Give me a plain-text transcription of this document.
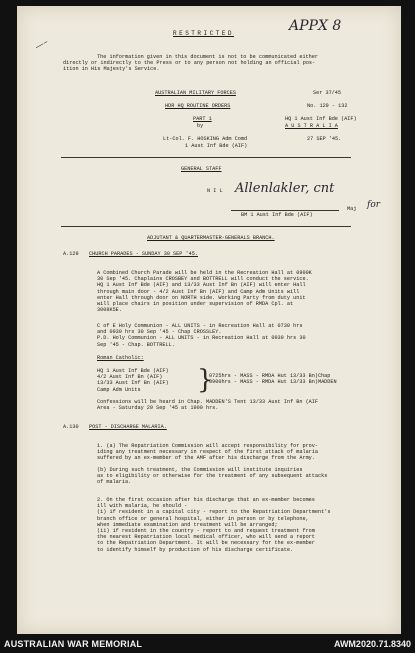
APPX 8
—–
RESTRICTED
The information given in this document is not to be communicated either
directly or indirectly to the Press or to any person not holding an official pos-
ition in His Majesty's Service.
AUSTRALIAN MILITARY FORCES	Ser 37/45
HDR HQ ROUTINE ORDERS	No. 129 - 132
PART 1	HQ 1 Aust Inf Bde (AIF)
by	A U S T R A L I A
Lt-Col. F. HOSKING Adm Comd	27 SEP '45.
1 Aust Inf Bde (AIF)
GENERAL STAFF
N I L Allenlakler, cnt
Maj for
BM 1 Aust Inf Bde (AIF)
ADJUTANT & QUARTERMASTER-GENERALS BRANCH.
A.129 CHURCH PARADES - SUNDAY 30 SEP '45.
A Combined Church Parade will be held in the Recreation Hall at 0900K
30 Sep '45. Chaplains CROSBEY and BOTTRELL will conduct the service.
HQ 1 Aust Inf Bde (AIF) and 13/33 Aust Inf Bn (AIF) will enter Hall
through main door - 4/2 Aust Inf Bn (AIF) and Camp Adm Units will
enter Hall through door on NORTH side. Working Party from duty unit
will place chairs in position under supervision of RMDA Cpl. at
3008K5E.
C of E Holy Communion - ALL UNITS - in Recreation Hall at 0730 hrs
and 0930 hrs 30 Sep '45 - Chap CROSSLEY.
P.D. Holy Communion - ALL UNITS - in Recreation Hall at 0930 hrs 30
Sep '45 - Chap. BOTTRELL.
Roman Catholic:
HQ 1 Aust Inf Bde (AIF)
4/2 Aust Inf Bn (AIF)
13/33 Aust Inf Bn (AIF)
Camp Adm Units	}
0725hrs - MASS - RMDA Hut 13/33 Bn)Chap
0900hrs - MASS - RMDA Hut 13/33 Bn)MADDEN
Confessions will be heard in Chap. MADDEN'S Tent 13/33 Aust Inf Bn (AIF
Area - Saturday 29 Sep '45 at 1900 hrs.
A.130 POST - DISCHARGE MALARIA.
1. (a) The Repatriation Commission will accept responsibility for prov-
iding any treatment necessary in respect of the first attack of malaria
suffered by an ex-member of the AMF after his discharge from the Army.
(b) During such treatment, the Commission will institute inquiries
as to eligibility or otherwise for the treatment of any subsequent attacks
of malaria.
2. On the first occasion after his discharge that an ex-member becomes
ill with malaria, he should -
(i) if resident in a capital city - report to the Repatriation Department's
branch office or general hospital, either in person or by telephone,
when immediate examination and treatment will be arranged;
(ii) if resident in the country - report to and request treatment from
the nearest Repatriation local medical officer, who will send a report
to the Repatriation Department. It will be necessary for the ex-member
to identify himself by production of his discharge certificate.
AUSTRALIAN WAR MEMORIAL	AWM2020.71.8340
